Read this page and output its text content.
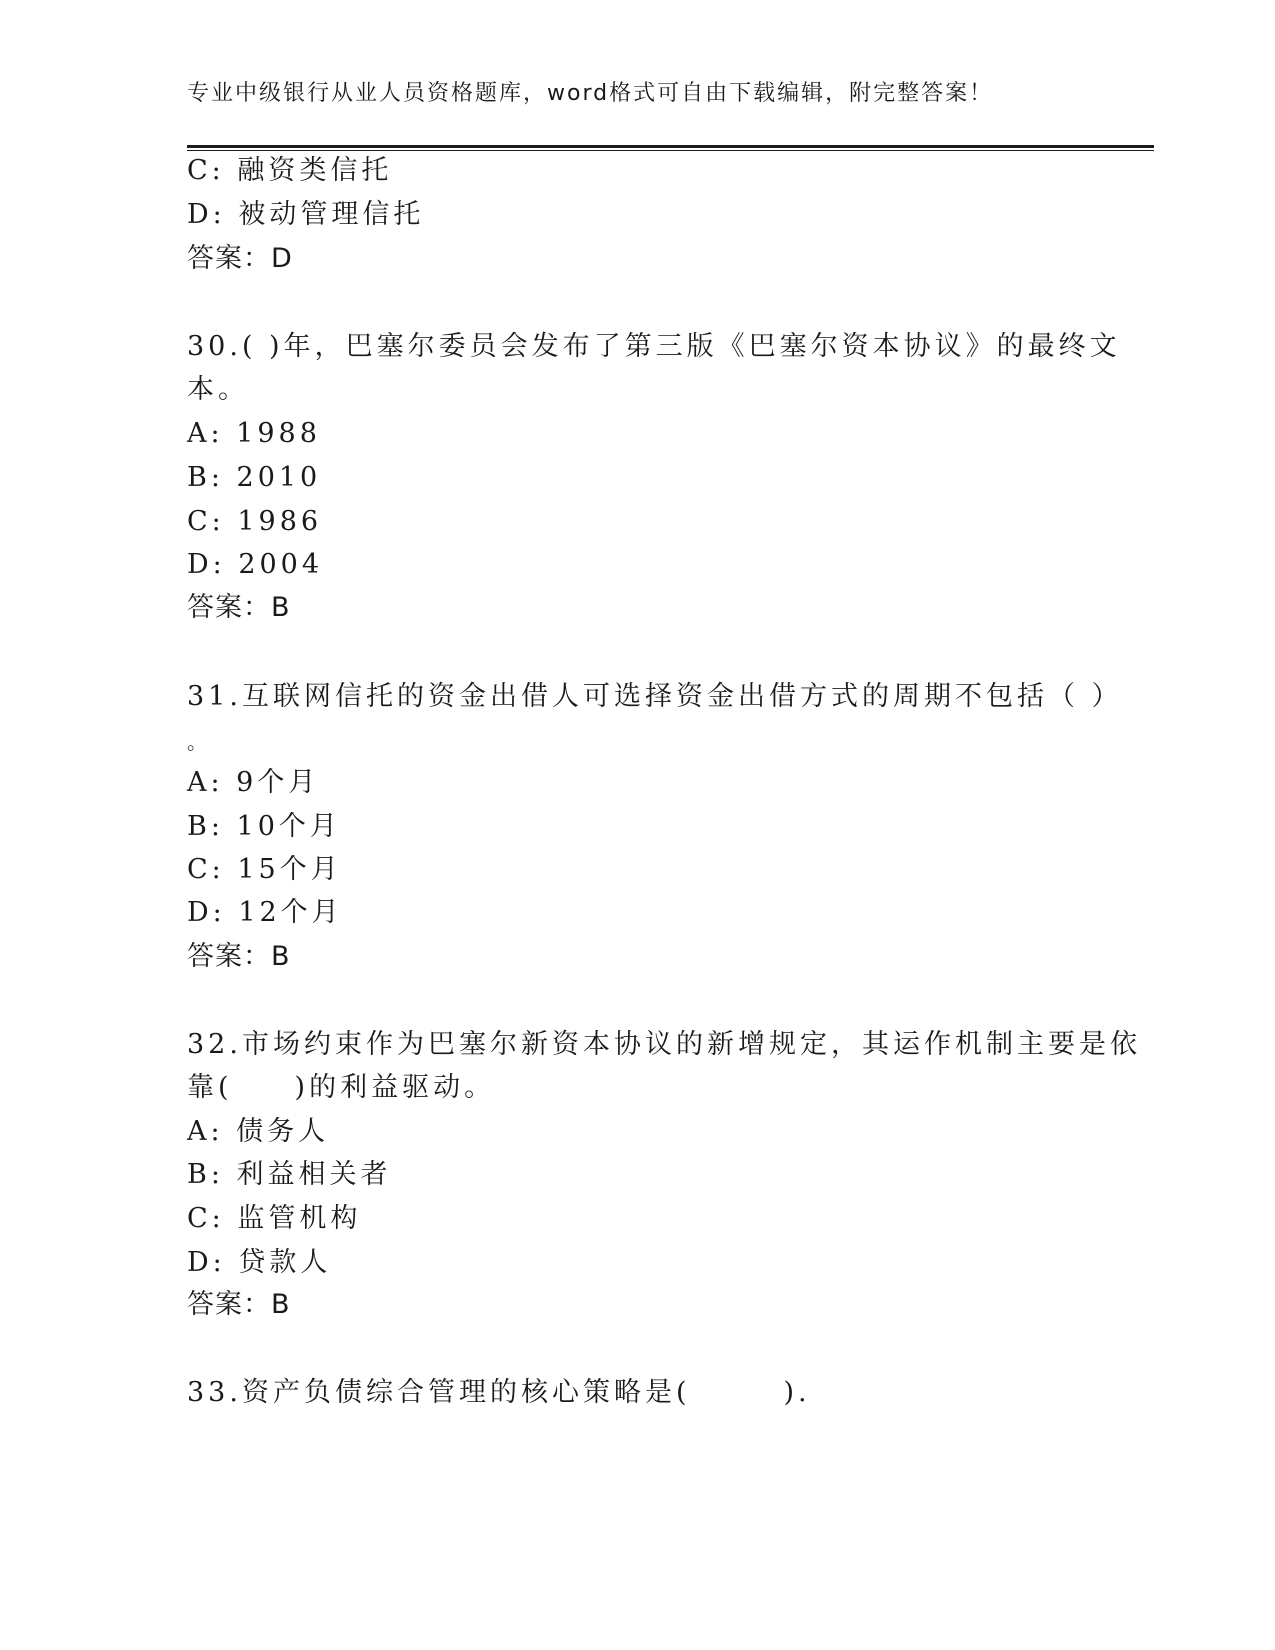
专业中级银行从业人员资格题库，word格式可自由下载编辑，附完整答案！
C: 融资类信托
D: 被动管理信托
答案：D
30.( )年，巴塞尔委员会发布了第三版《巴塞尔资本协议》的最终文
本。
A: 1988
B: 2010
C: 1986
D: 2004
答案：B
31.互联网信托的资金出借人可选择资金出借方式的周期不包括（ ）
。
A: 9个月
B: 10个月
C: 15个月
D: 12个月
答案：B
32.市场约束作为巴塞尔新资本协议的新增规定，其运作机制主要是依
靠(　　)的利益驱动。
A: 债务人
B: 利益相关者
C: 监管机构
D: 贷款人
答案：B
33.资产负债综合管理的核心策略是(　　　).
